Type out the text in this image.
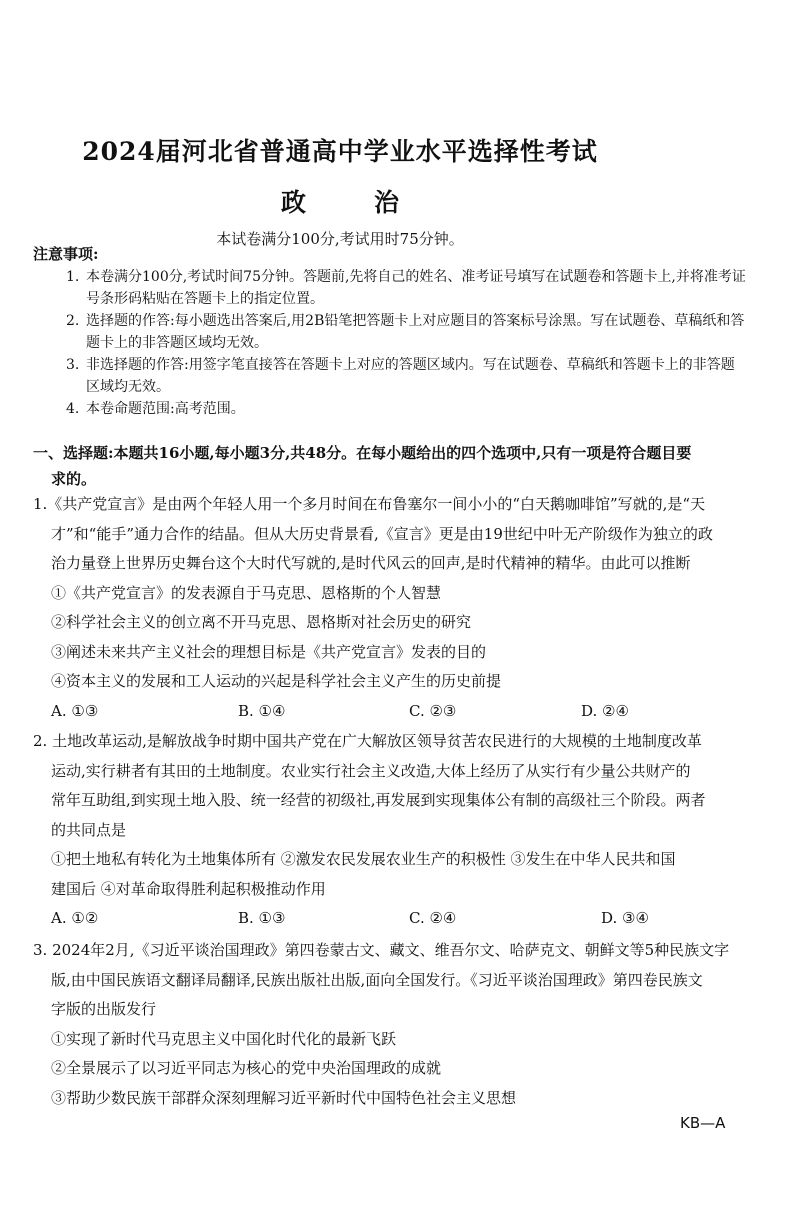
2024届河北省普通高中学业水平选择性考试
政	治
本试卷满分100分,考试用时75分钟。
注意事项:
1. 本卷满分100分,考试时间75分钟。答题前,先将自己的姓名、准考证号填写在试题卷和答题卡上,并将准考证号条形码粘贴在答题卡上的指定位置。
2. 选择题的作答:每小题选出答案后,用2B铅笔把答题卡上对应题目的答案标号涂黑。写在试题卷、草稿纸和答题卡上的非答题区域均无效。
3. 非选择题的作答:用签字笔直接答在答题卡上对应的答题区域内。写在试题卷、草稿纸和答题卡上的非答题区域均无效。
4. 本卷命题范围:高考范围。
一、选择题:本题共16小题,每小题3分,共48分。在每小题给出的四个选项中,只有一项是符合题目要
求的。
1.《共产党宣言》是由两个年轻人用一个多月时间在布鲁塞尔一间小小的“白天鹅咖啡馆”写就的,是“天
才”和“能手”通力合作的结晶。但从大历史背景看,《宣言》更是由19世纪中叶无产阶级作为独立的政
治力量登上世界历史舞台这个大时代写就的,是时代风云的回声,是时代精神的精华。由此可以推断
①《共产党宣言》的发表源自于马克思、恩格斯的个人智慧
②科学社会主义的创立离不开马克思、恩格斯对社会历史的研究
③阐述未来共产主义社会的理想目标是《共产党宣言》发表的目的
④资本主义的发展和工人运动的兴起是科学社会主义产生的历史前提
A. ①③	B. ①④	C. ②③	D. ②④
2. 土地改革运动,是解放战争时期中国共产党在广大解放区领导贫苦农民进行的大规模的土地制度改革
运动,实行耕者有其田的土地制度。农业实行社会主义改造,大体上经历了从实行有少量公共财产的
常年互助组,到实现土地入股、统一经营的初级社,再发展到实现集体公有制的高级社三个阶段。两者
的共同点是
①把土地私有转化为土地集体所有 ②激发农民发展农业生产的积极性 ③发生在中华人民共和国
建国后 ④对革命取得胜利起积极推动作用
A. ①②	B. ①③	C. ②④	D. ③④
3. 2024年2月,《习近平谈治国理政》第四卷蒙古文、藏文、维吾尔文、哈萨克文、朝鲜文等5种民族文字
版,由中国民族语文翻译局翻译,民族出版社出版,面向全国发行。《习近平谈治国理政》第四卷民族文
字版的出版发行
①实现了新时代马克思主义中国化时代化的最新飞跃
②全景展示了以习近平同志为核心的党中央治国理政的成就
③帮助少数民族干部群众深刻理解习近平新时代中国特色社会主义思想
KB—A
